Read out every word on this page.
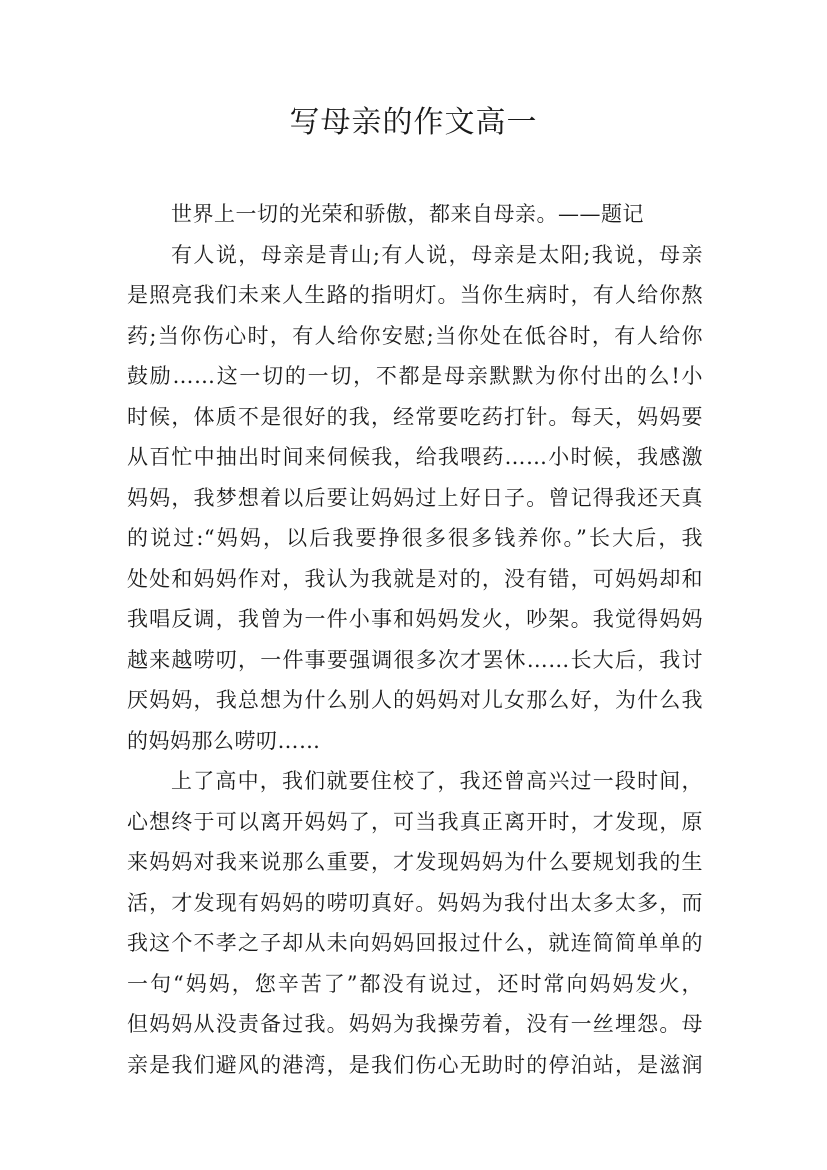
写母亲的作文高一
世界上一切的光荣和骄傲，都来自母亲。——题记
有人说，母亲是青山;有人说，母亲是太阳;我说，母亲
是照亮我们未来人生路的指明灯。当你生病时，有人给你熬
药;当你伤心时，有人给你安慰;当你处在低谷时，有人给你
鼓励……这一切的一切，不都是母亲默默为你付出的么!小
时候，体质不是很好的我，经常要吃药打针。每天，妈妈要
从百忙中抽出时间来伺候我，给我喂药……小时候，我感激
妈妈，我梦想着以后要让妈妈过上好日子。曾记得我还天真
的说过:“妈妈，以后我要挣很多很多钱养你。”长大后，我
处处和妈妈作对，我认为我就是对的，没有错，可妈妈却和
我唱反调，我曾为一件小事和妈妈发火，吵架。我觉得妈妈
越来越唠叨，一件事要强调很多次才罢休……长大后，我讨
厌妈妈，我总想为什么别人的妈妈对儿女那么好，为什么我
的妈妈那么唠叨……
上了高中，我们就要住校了，我还曾高兴过一段时间，
心想终于可以离开妈妈了，可当我真正离开时，才发现，原
来妈妈对我来说那么重要，才发现妈妈为什么要规划我的生
活，才发现有妈妈的唠叨真好。妈妈为我付出太多太多，而
我这个不孝之子却从未向妈妈回报过什么，就连简简单单的
一句“妈妈，您辛苦了”都没有说过，还时常向妈妈发火，
但妈妈从没责备过我。妈妈为我操劳着，没有一丝埋怨。母
亲是我们避风的港湾，是我们伤心无助时的停泊站，是滋润
